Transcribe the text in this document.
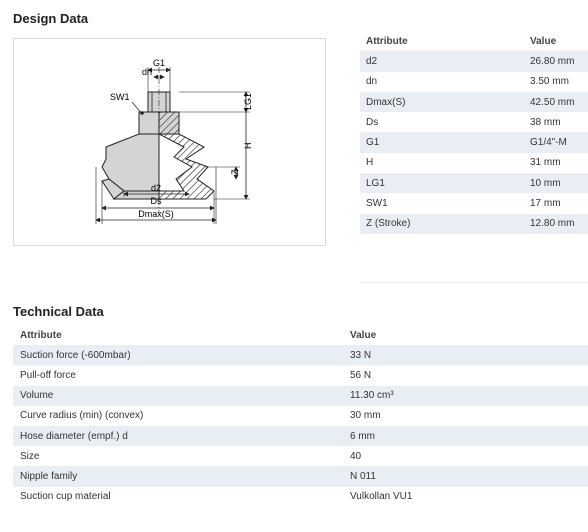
Design Data
G1
dn
SW1	LG1
H
Z
d2
Ds
Dmax(S)
Attribute	Value
d2	26.80 mm
dn	3.50 mm
Dmax(S)	42.50 mm
Ds	38 mm
G1	G1/4"-M
H	31 mm
LG1	10 mm
SW1	17 mm
Z (Stroke)	12.80 mm
Technical Data
Attribute	Value
Suction force (-600mbar)	33 N
Pull-off force	56 N
Volume	11.30 cm³
Curve radius (min) (convex)	30 mm
Hose diameter (empf.) d	6 mm
Size	40
Nipple family	N 011
Suction cup material	Vulkollan VU1
